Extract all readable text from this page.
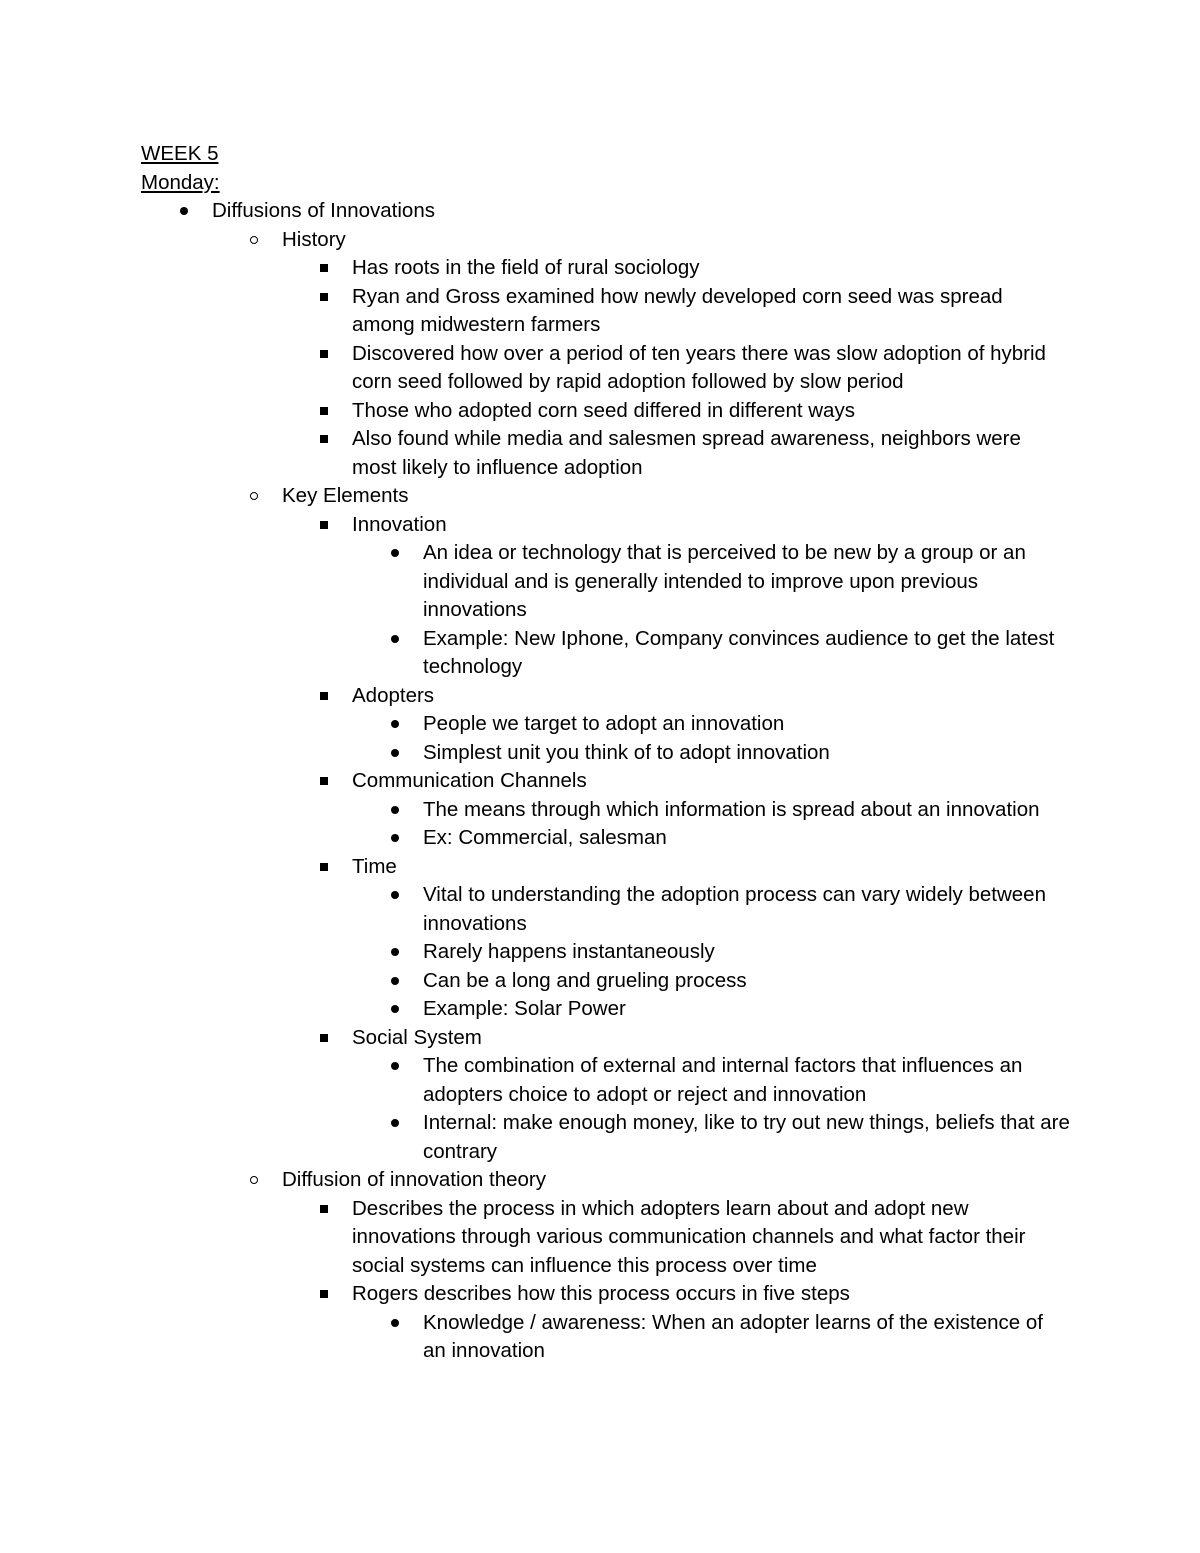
WEEK 5

Monday:

Diffusions of Innovations
History
Has roots in the field of rural sociology
Ryan and Gross examined how newly developed corn seed was spread among midwestern farmers
Discovered how over a period of ten years there was slow adoption of hybrid corn seed followed by rapid adoption followed by slow period
Those who adopted corn seed differed in different ways
Also found while media and salesmen spread awareness, neighbors were most likely to influence adoption
Key Elements
Innovation
An idea or technology that is perceived to be new by a group or an individual and is generally intended to improve upon previous innovations
Example: New Iphone, Company convinces audience to get the latest technology
Adopters
People we target to adopt an innovation
Simplest unit you think of to adopt innovation
Communication Channels
The means through which information is spread about an innovation
Ex: Commercial, salesman
Time
Vital to understanding the adoption process can vary widely between innovations
Rarely happens instantaneously
Can be a long and grueling process
Example: Solar Power
Social System
The combination of external and internal factors that influences an adopters choice to adopt or reject and innovation
Internal: make enough money, like to try out new things, beliefs that are contrary
Diffusion of innovation theory
Describes the process in which adopters learn about and adopt new innovations through various communication channels and what factor their social systems can influence this process over time
Rogers describes how this process occurs in five steps
Knowledge / awareness: When an adopter learns of the existence of an innovation
